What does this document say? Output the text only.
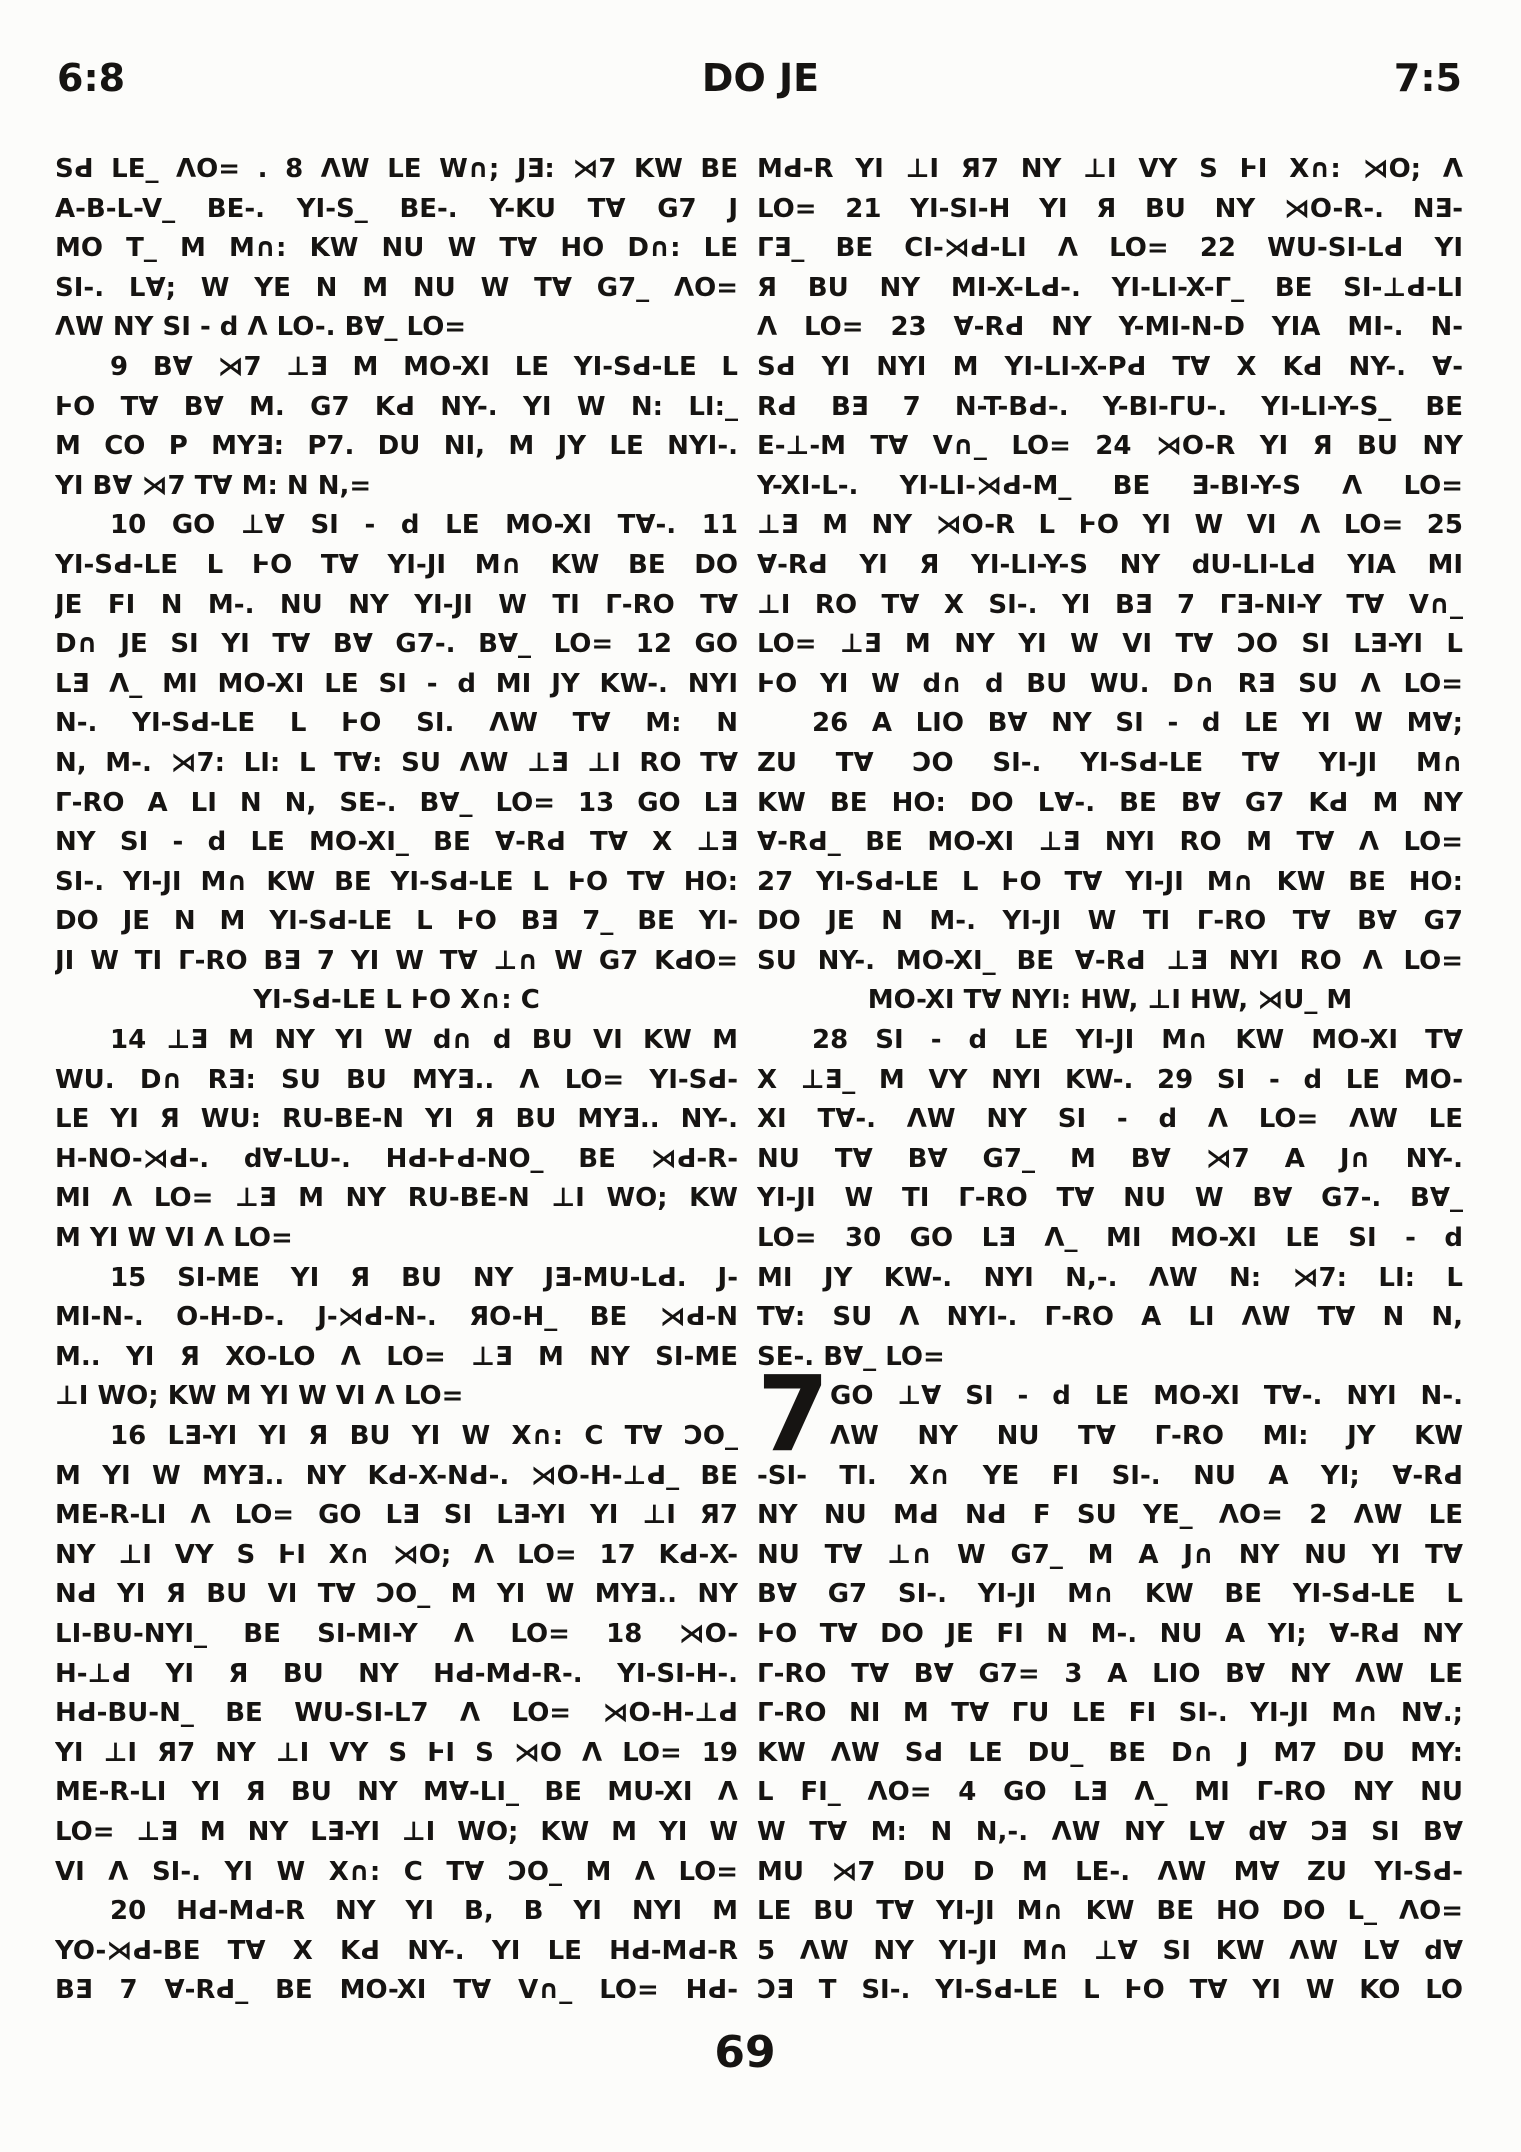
6:8	DO JE	7:5
SԀ LE_ ΛO= . 8 ΛW LE W∩; JƎ: ⋊7 KW BE
A-B-L-V_ BE-. YI-S_ BE-. Y-KU T∀ G7 J
MO T_ M M∩: KW NU W T∀ HO D∩: LE
SI-. L∀; W YE N M NU W T∀ G7_ ΛO=
ΛW NY SI - d Λ LO-. B∀_ LO=
9 B∀ ⋊7 ⊥Ǝ M MO-XI LE YI-SԀ-LE L
ⱵO T∀ B∀ M. G7 KԀ NY-. YI W N: LI:_
M CO P MYƎ: P7. DU NI, M JY LE NYI-.
YI B∀ ⋊7 T∀ M: N N,=
10 GO ⊥∀ SI - d LE MO-XI T∀-. 11
YI-SԀ-LE L ⱵO T∀ YI-JI M∩ KW BE DO
JE FI N M-. NU NY YI-JI W TI Γ-RO T∀
D∩ JE SI YI T∀ B∀ G7-. B∀_ LO= 12 GO
LƎ Λ_ MI MO-XI LE SI - d MI JY KW-. NYI
N-. YI-SԀ-LE L ⱵO SI. ΛW T∀ M: N
N, M-. ⋊7: LI: L T∀: SU ΛW ⊥Ǝ ⊥I RO T∀
Γ-RO A LI N N, SE-. B∀_ LO= 13 GO LƎ
NY SI - d LE MO-XI_ BE ∀-RԀ T∀ X ⊥Ǝ
SI-. YI-JI M∩ KW BE YI-SԀ-LE L ⱵO T∀ HO:
DO JE N M YI-SԀ-LE L ⱵO BƎ 7_ BE YI-
JI W TI Γ-RO BƎ 7 YI W T∀ ⊥∩ W G7 KԀO=
YI-SԀ-LE L ⱵO X∩: C
14 ⊥Ǝ M NY YI W d∩ d BU VI KW M
WU. D∩ RƎ: SU BU MYƎ.. Λ LO= YI-SԀ-
LE YI Я WU: RU-BE-N YI Я BU MYƎ.. NY-.
H-NO-⋊Ԁ-. d∀-LU-. HԀ-ⱵԀ-NO_ BE ⋊Ԁ-R-
MI Λ LO= ⊥Ǝ M NY RU-BE-N ⊥I WO; KW
M YI W VI Λ LO=
15 SI-ME YI Я BU NY JƎ-MU-LԀ. J-
MI-N-. O-H-D-. J-⋊Ԁ-N-. ЯO-H_ BE ⋊Ԁ-N
M.. YI Я XO-LO Λ LO= ⊥Ǝ M NY SI-ME
⊥I WO; KW M YI W VI Λ LO=
16 LƎ-YI YI Я BU YI W X∩: C T∀ ƆO_
M YI W MYƎ.. NY KԀ-X-NԀ-. ⋊O-H-⊥Ԁ_ BE
ME-R-LI Λ LO= GO LƎ SI LƎ-YI YI ⊥I Я7
NY ⊥I VY S ⱵI X∩ ⋊O; Λ LO= 17 KԀ-X-
NԀ YI Я BU VI T∀ ƆO_ M YI W MYƎ.. NY
LI-BU-NYI_ BE SI-MI-Y Λ LO= 18 ⋊O-
H-⊥Ԁ YI Я BU NY HԀ-MԀ-R-. YI-SI-H-.
HԀ-BU-N_ BE WU-SI-L7 Λ LO= ⋊O-H-⊥Ԁ
YI ⊥I Я7 NY ⊥I VY S ⱵI S ⋊O Λ LO= 19
ME-R-LI YI Я BU NY M∀-LI_ BE MU-XI Λ
LO= ⊥Ǝ M NY LƎ-YI ⊥I WO; KW M YI W
VI Λ SI-. YI W X∩: C T∀ ƆO_ M Λ LO=
20 HԀ-MԀ-R NY YI B, B YI NYI M
YO-⋊Ԁ-BE T∀ X KԀ NY-. YI LE HԀ-MԀ-R
BƎ 7 ∀-RԀ_ BE MO-XI T∀ V∩_ LO= HԀ-
MԀ-R YI ⊥I Я7 NY ⊥I VY S ⱵI X∩: ⋊O; Λ
LO= 21 YI-SI-H YI Я BU NY ⋊O-R-. NƎ-
ΓƎ_ BE CI-⋊Ԁ-LI Λ LO= 22 WU-SI-LԀ YI
Я BU NY MI-X-LԀ-. YI-LI-X-Γ_ BE SI-⊥Ԁ-LI
Λ LO= 23 ∀-RԀ NY Y-MI-N-D YIA MI-. N-
SԀ YI NYI M YI-LI-X-PԀ T∀ X KԀ NY-. ∀-
RԀ BƎ 7 N-T-BԀ-. Y-BI-ΓU-. YI-LI-Y-S_ BE
E-⊥-M T∀ V∩_ LO= 24 ⋊O-R YI Я BU NY
Y-XI-L-. YI-LI-⋊Ԁ-M_ BE Ǝ-BI-Y-S Λ LO=
⊥Ǝ M NY ⋊O-R L ⱵO YI W VI Λ LO= 25
∀-RԀ YI Я YI-LI-Y-S NY dU-LI-LԀ YIA MI
⊥I RO T∀ X SI-. YI BƎ 7 ΓƎ-NI-Y T∀ V∩_
LO= ⊥Ǝ M NY YI W VI T∀ ƆO SI LƎ-YI L
ⱵO YI W d∩ d BU WU. D∩ RƎ SU Λ LO=
26 A LIO B∀ NY SI - d LE YI W M∀;
ZU T∀ ƆO SI-. YI-SԀ-LE T∀ YI-JI M∩
KW BE HO: DO L∀-. BE B∀ G7 KԀ M NY
∀-RԀ_ BE MO-XI ⊥Ǝ NYI RO M T∀ Λ LO=
27 YI-SԀ-LE L ⱵO T∀ YI-JI M∩ KW BE HO:
DO JE N M-. YI-JI W TI Γ-RO T∀ B∀ G7
SU NY-. MO-XI_ BE ∀-RԀ ⊥Ǝ NYI RO Λ LO=
MO-XI T∀ NYI: HW, ⊥I HW, ⋊U_ M
28 SI - d LE YI-JI M∩ KW MO-XI T∀
X ⊥Ǝ_ M VY NYI KW-. 29 SI - d LE MO-
XI T∀-. ΛW NY SI - d Λ LO= ΛW LE
NU T∀ B∀ G7_ M B∀ ⋊7 A J∩ NY-.
YI-JI W TI Γ-RO T∀ NU W B∀ G7-. B∀_
LO= 30 GO LƎ Λ_ MI MO-XI LE SI - d
MI JY KW-. NYI N,-. ΛW N: ⋊7: LI: L
T∀: SU Λ NYI-. Γ-RO A LI ΛW T∀ N N,
SE-. B∀_ LO=
GO ⊥∀ SI - d LE MO-XI T∀-. NYI N-.
ΛW NY NU T∀ Γ-RO MI: JY KW
-SI- TI. X∩ YE FI SI-. NU A YI; ∀-RԀ
NY NU MԀ NԀ F SU YE_ ΛO= 2 ΛW LE
NU T∀ ⊥∩ W G7_ M A J∩ NY NU YI T∀
B∀ G7 SI-. YI-JI M∩ KW BE YI-SԀ-LE L
ⱵO T∀ DO JE FI N M-. NU A YI; ∀-RԀ NY
Γ-RO T∀ B∀ G7= 3 A LIO B∀ NY ΛW LE
Γ-RO NI M T∀ ΓU LE FI SI-. YI-JI M∩ N∀.;
KW ΛW SԀ LE DU_ BE D∩ J M7 DU MY:
L FI_ ΛO= 4 GO LƎ Λ_ MI Γ-RO NY NU
W T∀ M: N N,-. ΛW NY L∀ d∀ ƆƎ SI B∀
MU ⋊7 DU D M LE-. ΛW M∀ ZU YI-SԀ-
LE BU T∀ YI-JI M∩ KW BE HO DO L_ ΛO=
5 ΛW NY YI-JI M∩ ⊥∀ SI KW ΛW L∀ d∀
ƆƎ T SI-. YI-SԀ-LE L ⱵO T∀ YI W KO LO
7
69
